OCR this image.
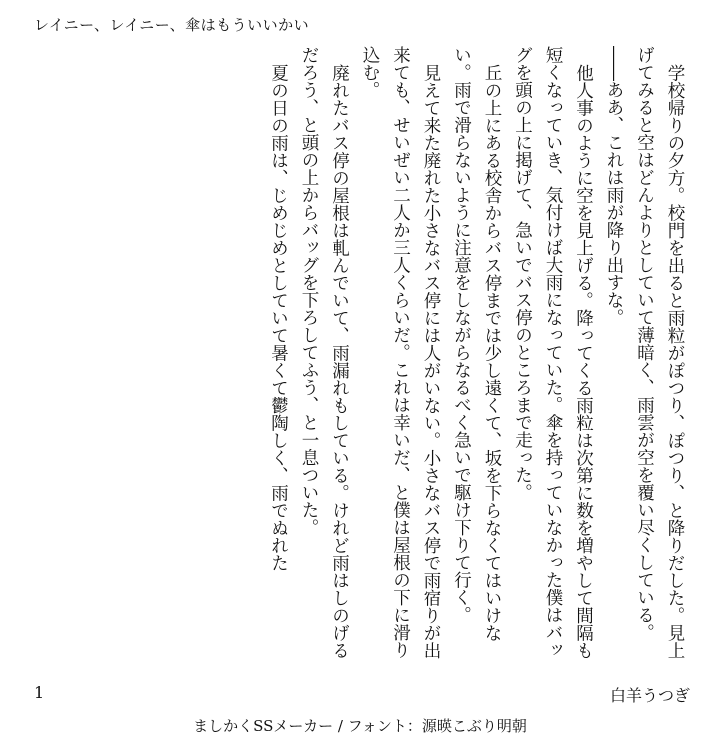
レイニー、レイニー、傘はもういいかい

学校帰りの夕方。校門を出ると雨粒がぽつり、ぽつり、と降りだした。見上げてみると空はどんよりとしていて薄暗く、雨雲が空を覆い尽くしている。

――ああ、これは雨が降り出すな。

他人事のように空を見上げる。降ってくる雨粒は次第に数を増やして間隔も短くなっていき、気付けば大雨になっていた。傘を持っていなかった僕はバッグを頭の上に掲げて、急いでバス停のところまで走った。

丘の上にある校舎からバス停までは少し遠くて、坂を下らなくてはいけない。雨で滑らないように注意をしながらなるべく急いで駆け下りて行く。

見えて来た廃れた小さなバス停には人がいない。小さなバス停で雨宿りが出来ても、せいぜい二人か三人くらいだ。これは幸いだ、と僕は屋根の下に滑り込む。

廃れたバス停の屋根は軋んでいて、雨漏れもしている。けれど雨はしのげるだろう、と頭の上からバッグを下ろしてふう、と一息ついた。

夏の日の雨は、じめじめとしていて暑くて鬱陶しく、雨でぬれた

1	白羊うつぎ
ましかくSSメーカー / フォント：源暎こぶり明朝
